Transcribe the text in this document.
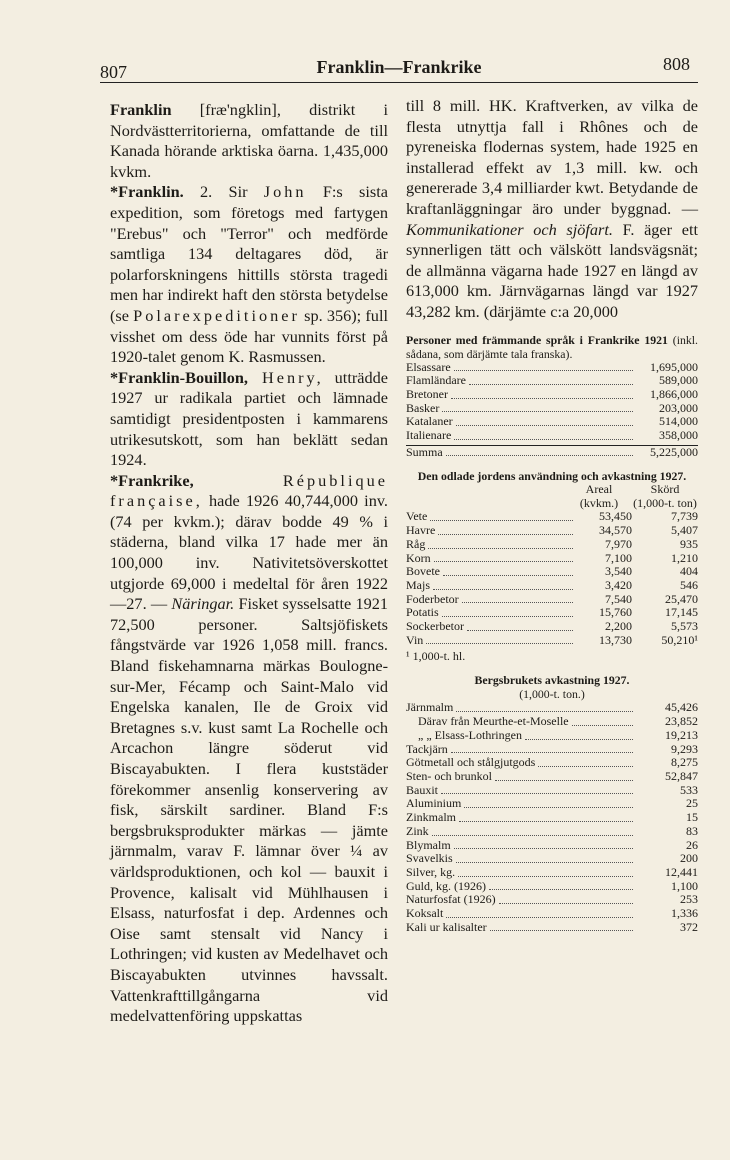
807	Franklin—Frankrike	808

Franklin [fræ'ngklin], distrikt i Nordvästterritorierna, omfattande de till Kanada hörande arktiska öarna. 1,435,000 kvkm.

*Franklin. 2. Sir John F:s sista expedition, som företogs med fartygen "Erebus" och "Terror" och medförde samtliga 134 deltagares död, är polarforskningens hittills största tragedi men har indirekt haft den största betydelse (se Polarexpeditioner sp. 356); full visshet om dess öde har vunnits först på 1920-talet genom K. Rasmussen.

*Franklin-Bouillon, Henry, utträdde 1927 ur radikala partiet och lämnade samtidigt presidentposten i kammarens utrikesutskott, som han beklätt sedan 1924.

*Frankrike, République française, hade 1926 40,744,000 inv. (74 per kvkm.); därav bodde 49 % i städerna, bland vilka 17 hade mer än 100,000 inv. Nativitetsöverskottet utgjorde 69,000 i medeltal för åren 1922—27. — Näringar. Fisket sysselsatte 1921 72,500 personer. Saltsjöfiskets fångstvärde var 1926 1,058 mill. francs. Bland fiskehamnarna märkas Boulogne-sur-Mer, Fécamp och Saint-Malo vid Engelska kanalen, Ile de Groix vid Bretagnes s.v. kust samt La Rochelle och Arcachon längre söderut vid Biscayabukten. I flera kuststäder förekommer ansenlig konservering av fisk, särskilt sardiner. Bland F:s bergsbruksprodukter märkas — jämte järnmalm, varav F. lämnar över ¼ av världsproduktionen, och kol — bauxit i Provence, kalisalt vid Mühlhausen i Elsass, naturfosfat i dep. Ardennes och Oise samt stensalt vid Nancy i Lothringen; vid kusten av Medelhavet och Biscayabukten utvinnes havssalt. Vattenkrafttillgångarna vid medelvattenföring uppskattas

till 8 mill. HK. Kraftverken, av vilka de flesta utnyttja fall i Rhônes och de pyreneiska flodernas system, hade 1925 en installerad effekt av 1,3 mill. kw. och genererade 3,4 milliarder kwt. Betydande de kraftanläggningar äro under byggnad. — Kommunikationer och sjöfart. F. äger ett synnerligen tätt och välskött landsvägsnät; de allmänna vägarna hade 1927 en längd av 613,000 km. Järnvägarnas längd var 1927 43,282 km. (därjämte c:a 20,000

Personer med främmande språk i Frankrike 1921 (inkl. sådana, som därjämte tala franska).
Elsassare	1,695,000
Flamländare	589,000
Bretoner	1,866,000
Basker	203,000
Katalaner	514,000
Italienare	358,000
Summa	5,225,000
Den odlade jordens användning och avkastning 1927.
Areal	Skörd
(kvkm.)	(1,000-t. ton)
Vete	53,450	7,739
Havre	34,570	5,407
Råg	7,970	935
Korn	7,100	1,210
Bovete	3,540	404
Majs	3,420	546
Foderbetor	7,540	25,470
Potatis	15,760	17,145
Sockerbetor	2,200	5,573
Vin	13,730	50,210¹
¹ 1,000-t. hl.
Bergsbrukets avkastning 1927.
(1,000-t. ton.)
Järnmalm	45,426
Därav från Meurthe-et-Moselle	23,852
„ „ Elsass-Lothringen	19,213
Tackjärn	9,293
Götmetall och stålgjutgods	8,275
Sten- och brunkol	52,847
Bauxit	533
Aluminium	25
Zinkmalm	15
Zink	83
Blymalm	26
Svavelkis	200
Silver, kg.	12,441
Guld, kg. (1926)	1,100
Naturfosfat (1926)	253
Koksalt	1,336
Kali ur kalisalter	372
